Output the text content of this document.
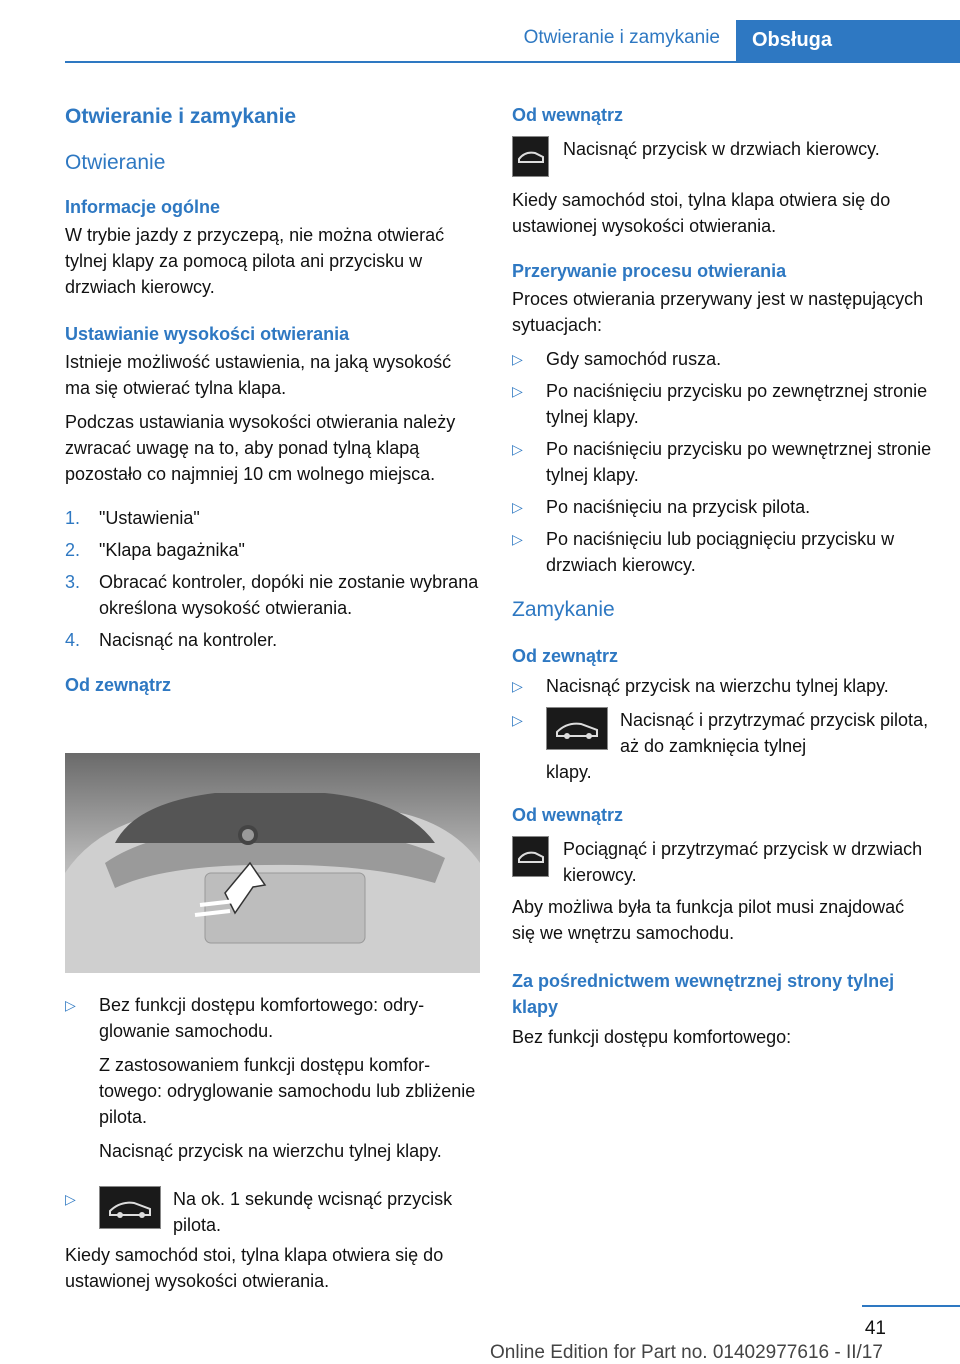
Otwieranie i zamykanie	Obsługa
Otwieranie i zamykanie
Otwieranie
Informacje ogólne

W trybie jazdy z przyczepą, nie można otwierać tylnej klapy za pomocą pilota ani przycisku w drzwiach kierowcy.

Ustawianie wysokości otwierania

Istnieje możliwość ustawienia, na jaką wysokość ma się otwierać tylna klapa.

Podczas ustawiania wysokości otwierania należy zwracać uwagę na to, aby ponad tylną klapą pozostało co najmniej 10 cm wolnego miejsca.

1.	"Ustawienia"
2.	"Klapa bagażnika"
3.	Obracać kontroler, dopóki nie zostanie wybrana określona wysokość otwierania.
4.	Nacisnąć na kontroler.
Od zewnątrz
▷	Bez funkcji dostępu komfortowego: odryglowanie samochodu.

Z zastosowaniem funkcji dostępu komfortowego: odryglowanie samochodu lub zbliżenie pilota.

Nacisnąć przycisk na wierzchu tylnej klapy.

▷	Na ok. 1 sekundę wcisnąć przycisk pilota.

Kiedy samochód stoi, tylna klapa otwiera się do ustawionej wysokości otwierania.

Od wewnątrz

Nacisnąć przycisk w drzwiach kierowcy.

Kiedy samochód stoi, tylna klapa otwiera się do ustawionej wysokości otwierania.

Przerywanie procesu otwierania

Proces otwierania przerywany jest w następujących sytuacjach:

▷	Gdy samochód rusza.
▷	Po naciśnięciu przycisku po zewnętrznej stronie tylnej klapy.
▷	Po naciśnięciu przycisku po wewnętrznej stronie tylnej klapy.
▷	Po naciśnięciu na przycisk pilota.
▷	Po naciśnięciu lub pociągnięciu przycisku w drzwiach kierowcy.
Zamykanie
Od zewnątrz
▷	Nacisnąć przycisk na wierzchu tylnej klapy.
▷	Nacisnąć i przytrzymać przycisk pilota, aż do zamknięcia tylnej

klapy.

Od wewnątrz

Pociągnąć i przytrzymać przycisk w drzwiach kierowcy.

Aby możliwa była ta funkcja pilot musi znajdować się we wnętrzu samochodu.

Za pośrednictwem wewnętrznej strony tylnej klapy

Bez funkcji dostępu komfortowego:

41
Online Edition for Part no. 01402977616 - II/17
